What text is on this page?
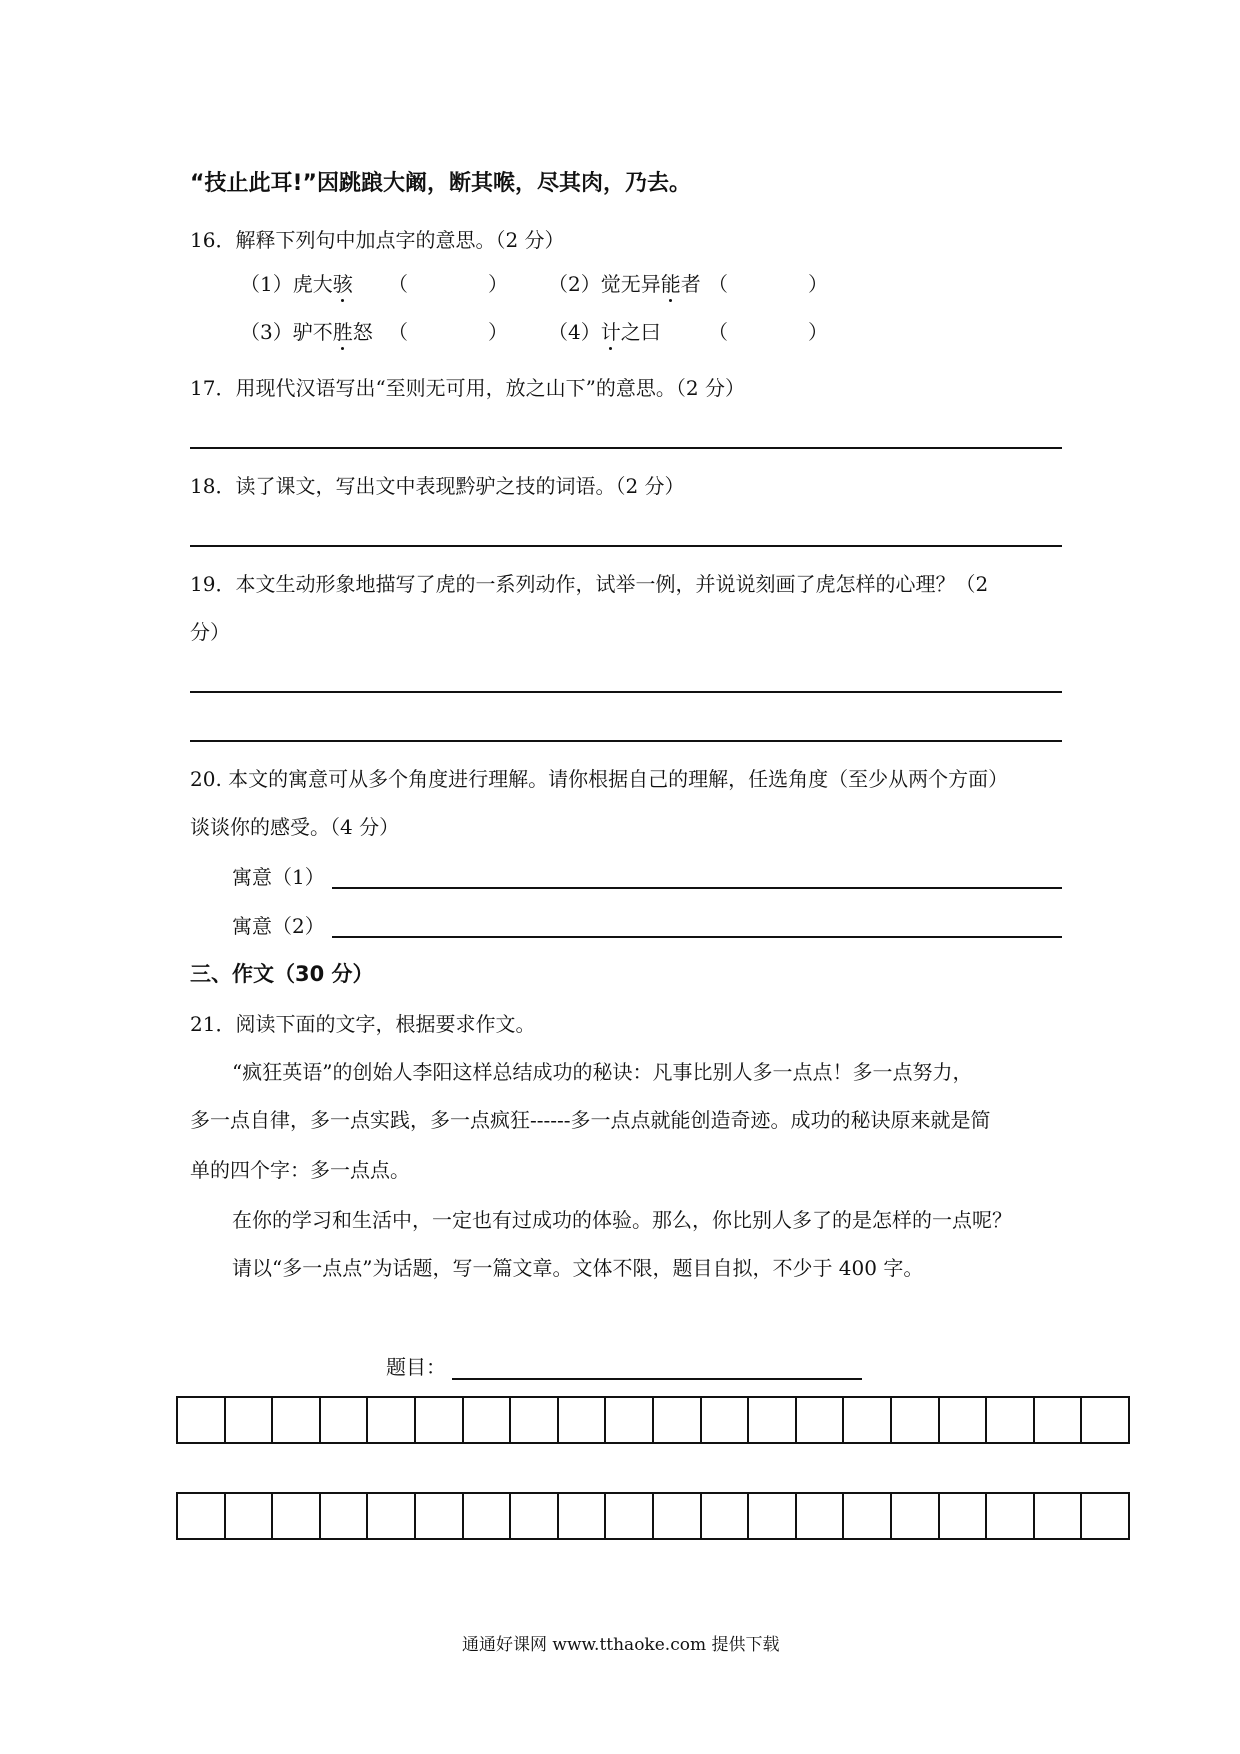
“技止此耳!”因跳踉大阚，断其喉，尽其肉，乃去。
16．解释下列句中加点字的意思。（2 分）
（1）虎大骇 （　　　　） （2）觉无异能者 （　　　　）
（3）驴不胜怒 （　　　　） （4）计之曰 （　　　　）
17．用现代汉语写出“至则无可用，放之山下”的意思。（2 分）
18．读了课文，写出文中表现黔驴之技的词语。（2 分）
19．本文生动形象地描写了虎的一系列动作，试举一例，并说说刻画了虎怎样的心理？（2
分）
20. 本文的寓意可从多个角度进行理解。请你根据自己的理解，任选角度（至少从两个方面）
谈谈你的感受。（4 分）
寓意（1）
寓意（2）
三、作文（30 分）
21．阅读下面的文字，根据要求作文。
“疯狂英语”的创始人李阳这样总结成功的秘诀：凡事比别人多一点点！多一点努力，
多一点自律，多一点实践，多一点疯狂------多一点点就能创造奇迹。成功的秘诀原来就是简
单的四个字：多一点点。
在你的学习和生活中，一定也有过成功的体验。那么，你比别人多了的是怎样的一点呢？
请以“多一点点”为话题，写一篇文章。文体不限，题目自拟，不少于 400 字。
题目：
通通好课网 www.tthaoke.com 提供下载
